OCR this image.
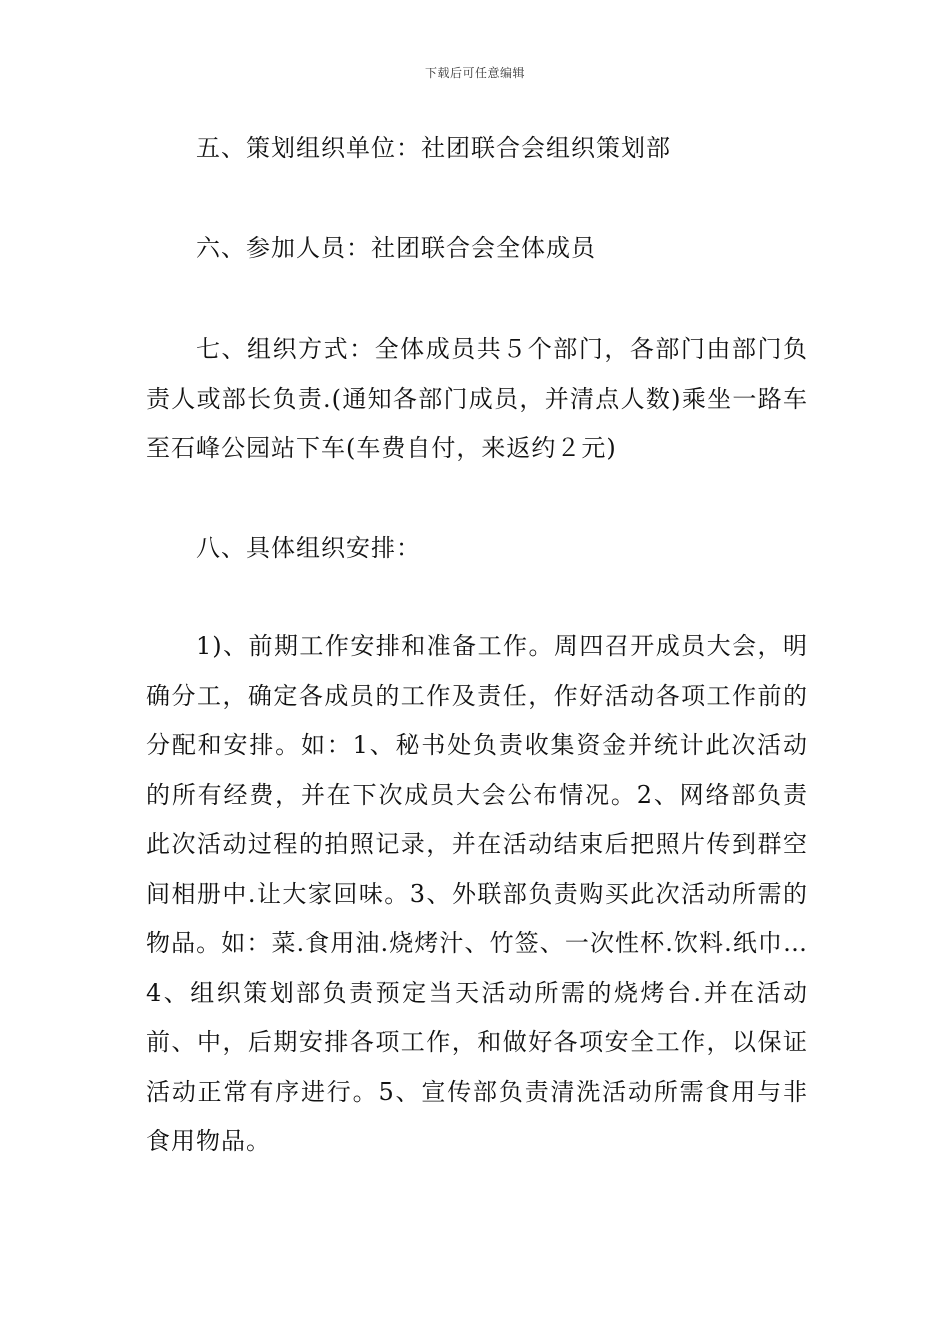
下载后可任意编辑

五、策划组织单位：社团联合会组织策划部

六、参加人员：社团联合会全体成员

七、组织方式：全体成员共５个部门，各部门由部门负责人或部长负责.(通知各部门成员，并清点人数)乘坐一路车至石峰公园站下车(车费自付，来返约２元)

八、具体组织安排：

1)、前期工作安排和准备工作。周四召开成员大会，明确分工，确定各成员的工作及责任，作好活动各项工作前的分配和安排。如：1、秘书处负责收集资金并统计此次活动的所有经费，并在下次成员大会公布情况。2、网络部负责此次活动过程的拍照记录，并在活动结束后把照片传到群空间相册中.让大家回味。3、外联部负责购买此次活动所需的物品。如：菜.食用油.烧烤汁、竹签、一次性杯.饮料.纸巾…4、组织策划部负责预定当天活动所需的烧烤台.并在活动前、中，后期安排各项工作，和做好各项安全工作，以保证活动正常有序进行。5、宣传部负责清洗活动所需食用与非食用物品。
